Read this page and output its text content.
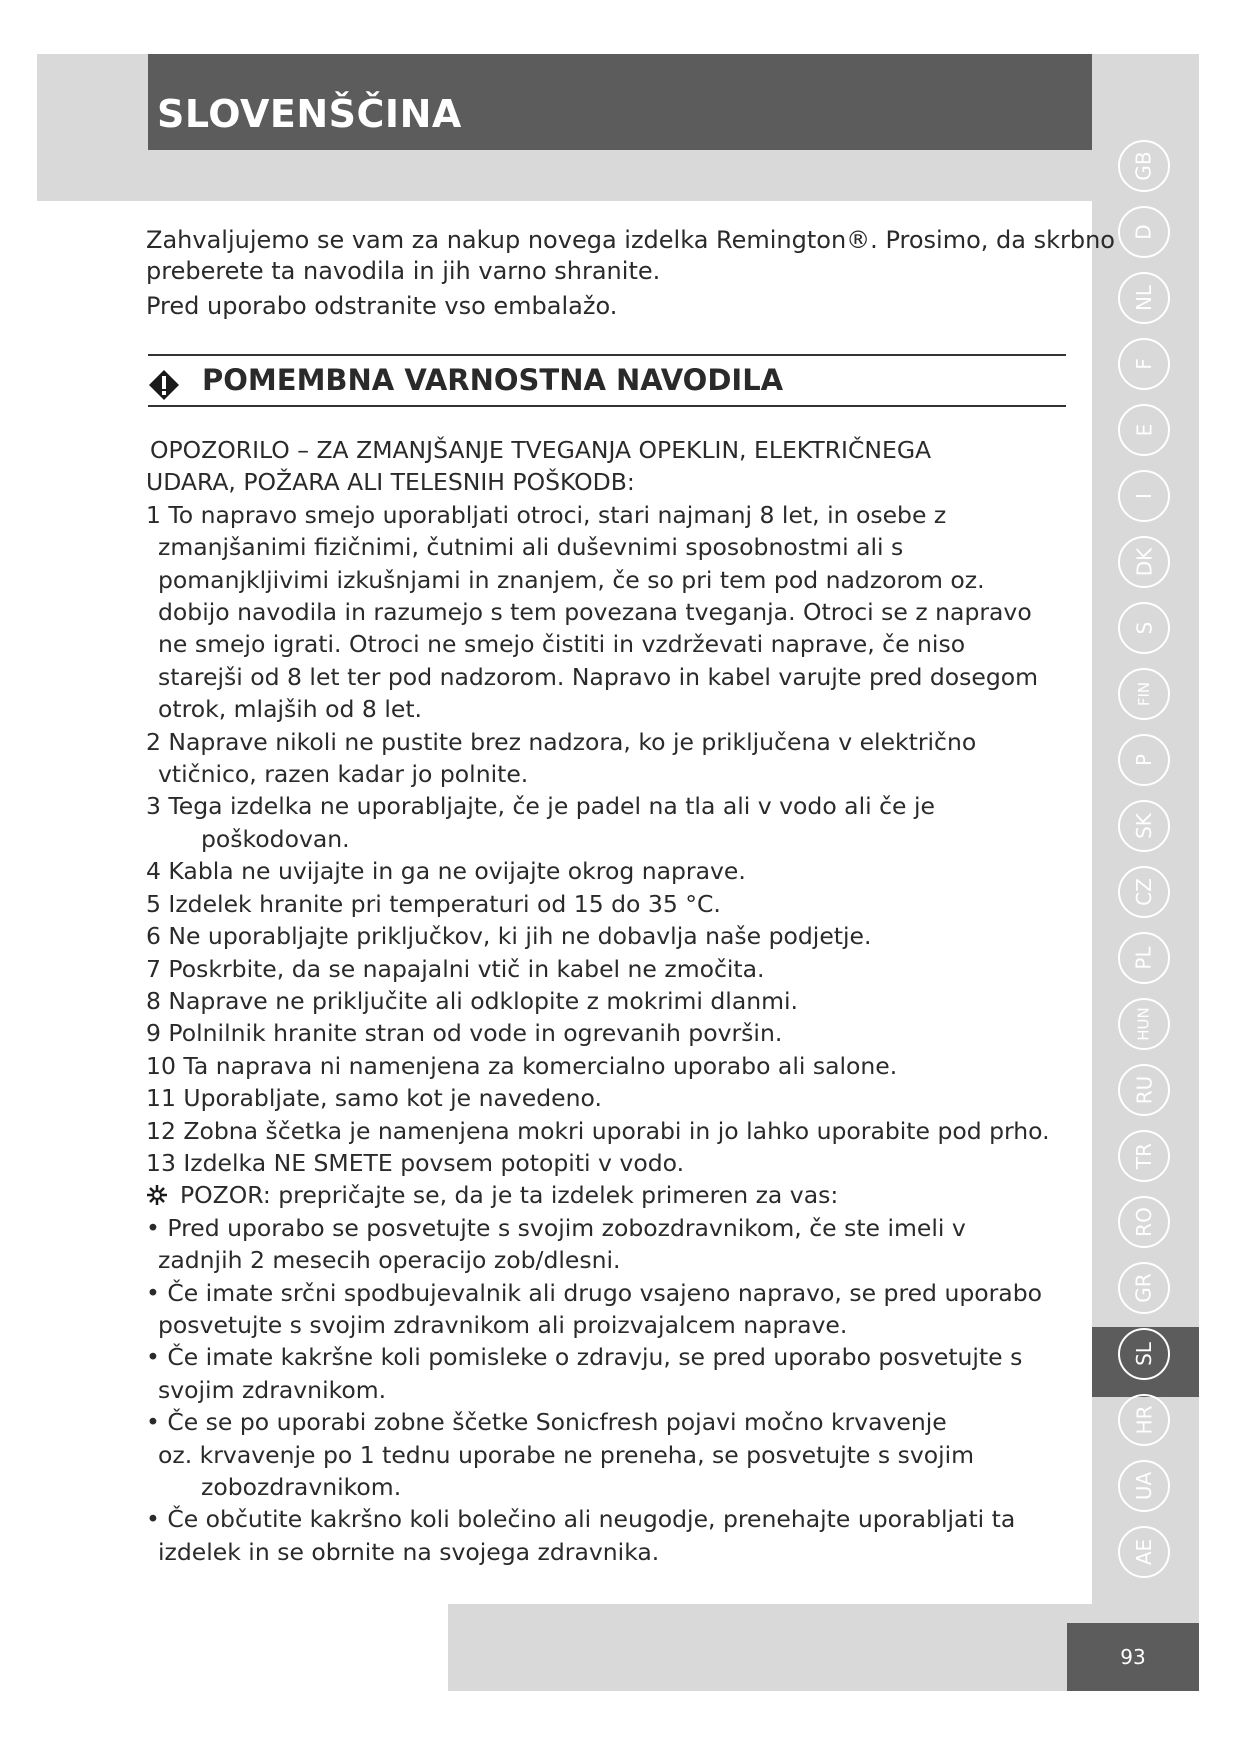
SLOVENŠČINA
GB
D
NL
F
E
I
DK
S
FIN
P
SK
CZ
PL
HUN
RU
TR
RO
GR
SL
HR
UA
AE
93
Zahvaljujemo se vam za nakup novega izdelka Remington®. Prosimo, da skrbno
preberete ta navodila in jih varno shranite.
Pred uporabo odstranite vso embalažo.
POMEMBNA VARNOSTNA NAVODILA
OPOZORILO – ZA ZMANJŠANJE TVEGANJA OPEKLIN, ELEKTRIČNEGA
UDARA, POŽARA ALI TELESNIH POŠKODB:
1 To napravo smejo uporabljati otroci, stari najmanj 8 let, in osebe z
zmanjšanimi fizičnimi, čutnimi ali duševnimi sposobnostmi ali s
pomanjkljivimi izkušnjami in znanjem, če so pri tem pod nadzorom oz.
dobijo navodila in razumejo s tem povezana tveganja. Otroci se z napravo
ne smejo igrati. Otroci ne smejo čistiti in vzdrževati naprave, če niso
starejši od 8 let ter pod nadzorom. Napravo in kabel varujte pred dosegom
otrok, mlajših od 8 let.
2 Naprave nikoli ne pustite brez nadzora, ko je priključena v električno
vtičnico, razen kadar jo polnite.
3 Tega izdelka ne uporabljajte, če je padel na tla ali v vodo ali če je
poškodovan.
4 Kabla ne uvijajte in ga ne ovijajte okrog naprave.
5 Izdelek hranite pri temperaturi od 15 do 35 °C.
6 Ne uporabljajte priključkov, ki jih ne dobavlja naše podjetje.
7 Poskrbite, da se napajalni vtič in kabel ne zmočita.
8 Naprave ne priključite ali odklopite z mokrimi dlanmi.
9 Polnilnik hranite stran od vode in ogrevanih površin.
10 Ta naprava ni namenjena za komercialno uporabo ali salone.
11 Uporabljate, samo kot je navedeno.
12 Zobna ščetka je namenjena mokri uporabi in jo lahko uporabite pod prho.
13 Izdelka NE SMETE povsem potopiti v vodo.
POZOR: prepričajte se, da je ta izdelek primeren za vas:
• Pred uporabo se posvetujte s svojim zobozdravnikom, če ste imeli v
zadnjih 2 mesecih operacijo zob/dlesni.
• Če imate srčni spodbujevalnik ali drugo vsajeno napravo, se pred uporabo
posvetujte s svojim zdravnikom ali proizvajalcem naprave.
• Če imate kakršne koli pomisleke o zdravju, se pred uporabo posvetujte s
svojim zdravnikom.
• Če se po uporabi zobne ščetke Sonicfresh pojavi močno krvavenje
oz. krvavenje po 1 tednu uporabe ne preneha, se posvetujte s svojim
zobozdravnikom.
• Če občutite kakršno koli bolečino ali neugodje, prenehajte uporabljati ta
izdelek in se obrnite na svojega zdravnika.
